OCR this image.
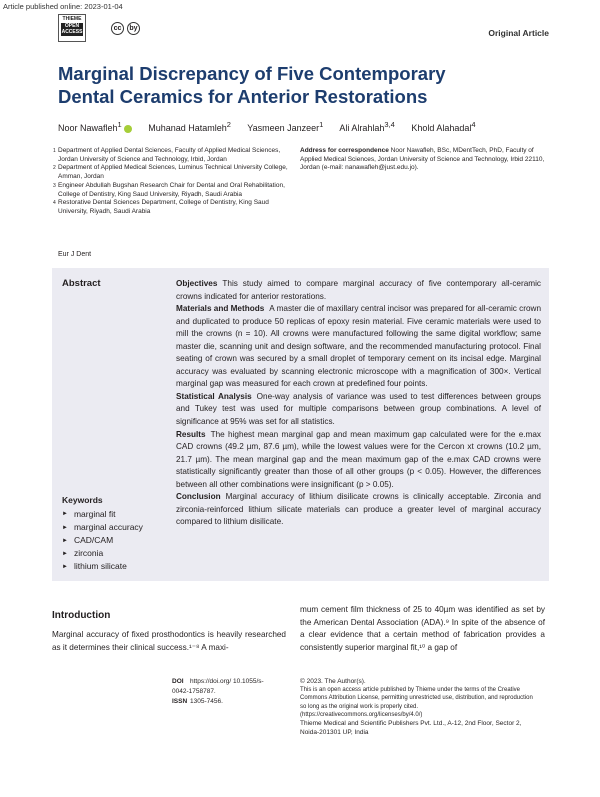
Article published online: 2023-01-04
THIEME
OPEN
ACCESS	cc	by	Original Article
Marginal Discrepancy of Five Contemporary Dental Ceramics for Anterior Restorations
Noor Nawafleh$^1$	Muhanad Hatamleh$^2$ Yasmeen Janzeer$^1$ Ali Alrahlah$^{3,4}$ Khold Alahadal$^4$
1 Department of Applied Dental Sciences, Faculty of Applied Medical Sciences, Jordan University of Science and Technology, Irbid, Jordan
2 Department of Applied Medical Sciences, Luminus Technical University College, Amman, Jordan
3 Engineer Abdullah Bugshan Research Chair for Dental and Oral Rehabilitation, College of Dentistry, King Saud University, Riyadh, Saudi Arabia
4 Restorative Dental Sciences Department, College of Dentistry, King Saud University, Riyadh, Saudi Arabia
Address for correspondence Noor Nawafleh, BSc, MDentTech, PhD, Faculty of Applied Medical Sciences, Jordan University of Science and Technology, Irbid 22110, Jordan (e-mail: nanawafleh@just.edu.jo).
Eur J Dent
Abstract	Objectives This study aimed to compare marginal accuracy of five contemporary all-ceramic crowns indicated for anterior restorations.

Materials and Methods A master die of maxillary central incisor was prepared for all-ceramic crown and duplicated to produce 50 replicas of epoxy resin material. Five ceramic materials were used to mill the crowns (n = 10). All crowns were manufactured following the same digital workflow; same master die, scanning unit and design software, and the recommended manufacturing protocol. Final seating of crown was secured by a small droplet of temporary cement on its incisal edge. Marginal accuracy was evaluated by scanning electronic microscope with a magnification of 300×. Vertical marginal gap was measured for each crown at predefined four points.

Statistical Analysis One-way analysis of variance was used to test differences between groups and Tukey test was used for multiple comparisons between group combinations. A level of significance at 95% was set for all statistics.

Results The highest mean marginal gap and mean maximum gap calculated were for the e.max CAD crowns (49.2 µm, 87.6 µm), while the lowest values were for the Cercon xt crowns (10.2 µm, 21.7 µm). The mean marginal gap and the mean maximum gap of the e.max CAD crowns were statistically significantly greater than those of all other groups (p < 0.05). However, the differences between all other combinations were insignificant (p > 0.05).

Conclusion Marginal accuracy of lithium disilicate crowns is clinically acceptable. Zirconia and zirconia-reinforced lithium silicate materials can produce a greater level of marginal accuracy compared to lithium disilicate.

Keywords
► marginal fit
► marginal accuracy
► CAD/CAM
► zirconia
► lithium silicate
Introduction

Marginal accuracy of fixed prosthodontics is heavily researched as it determines their clinical success.¹⁻⁸ A maxi-

mum cement film thickness of 25 to 40µm was identified as set by the American Dental Association (ADA).⁹ In spite of the absence of a clear evidence that a certain method of fabrication provides a consistently superior marginal fit,¹⁰ a gap of

DOI https://doi.org/ 10.1055/s-0042-1758787.
ISSN 1305-7456.
© 2023. The Author(s).
This is an open access article published by Thieme under the terms of the Creative Commons Attribution License, permitting unrestricted use, distribution, and reproduction so long as the original work is properly cited. (https://creativecommons.org/licenses/by/4.0/)
Thieme Medical and Scientific Publishers Pvt. Ltd., A-12, 2nd Floor, Sector 2, Noida-201301 UP, India
